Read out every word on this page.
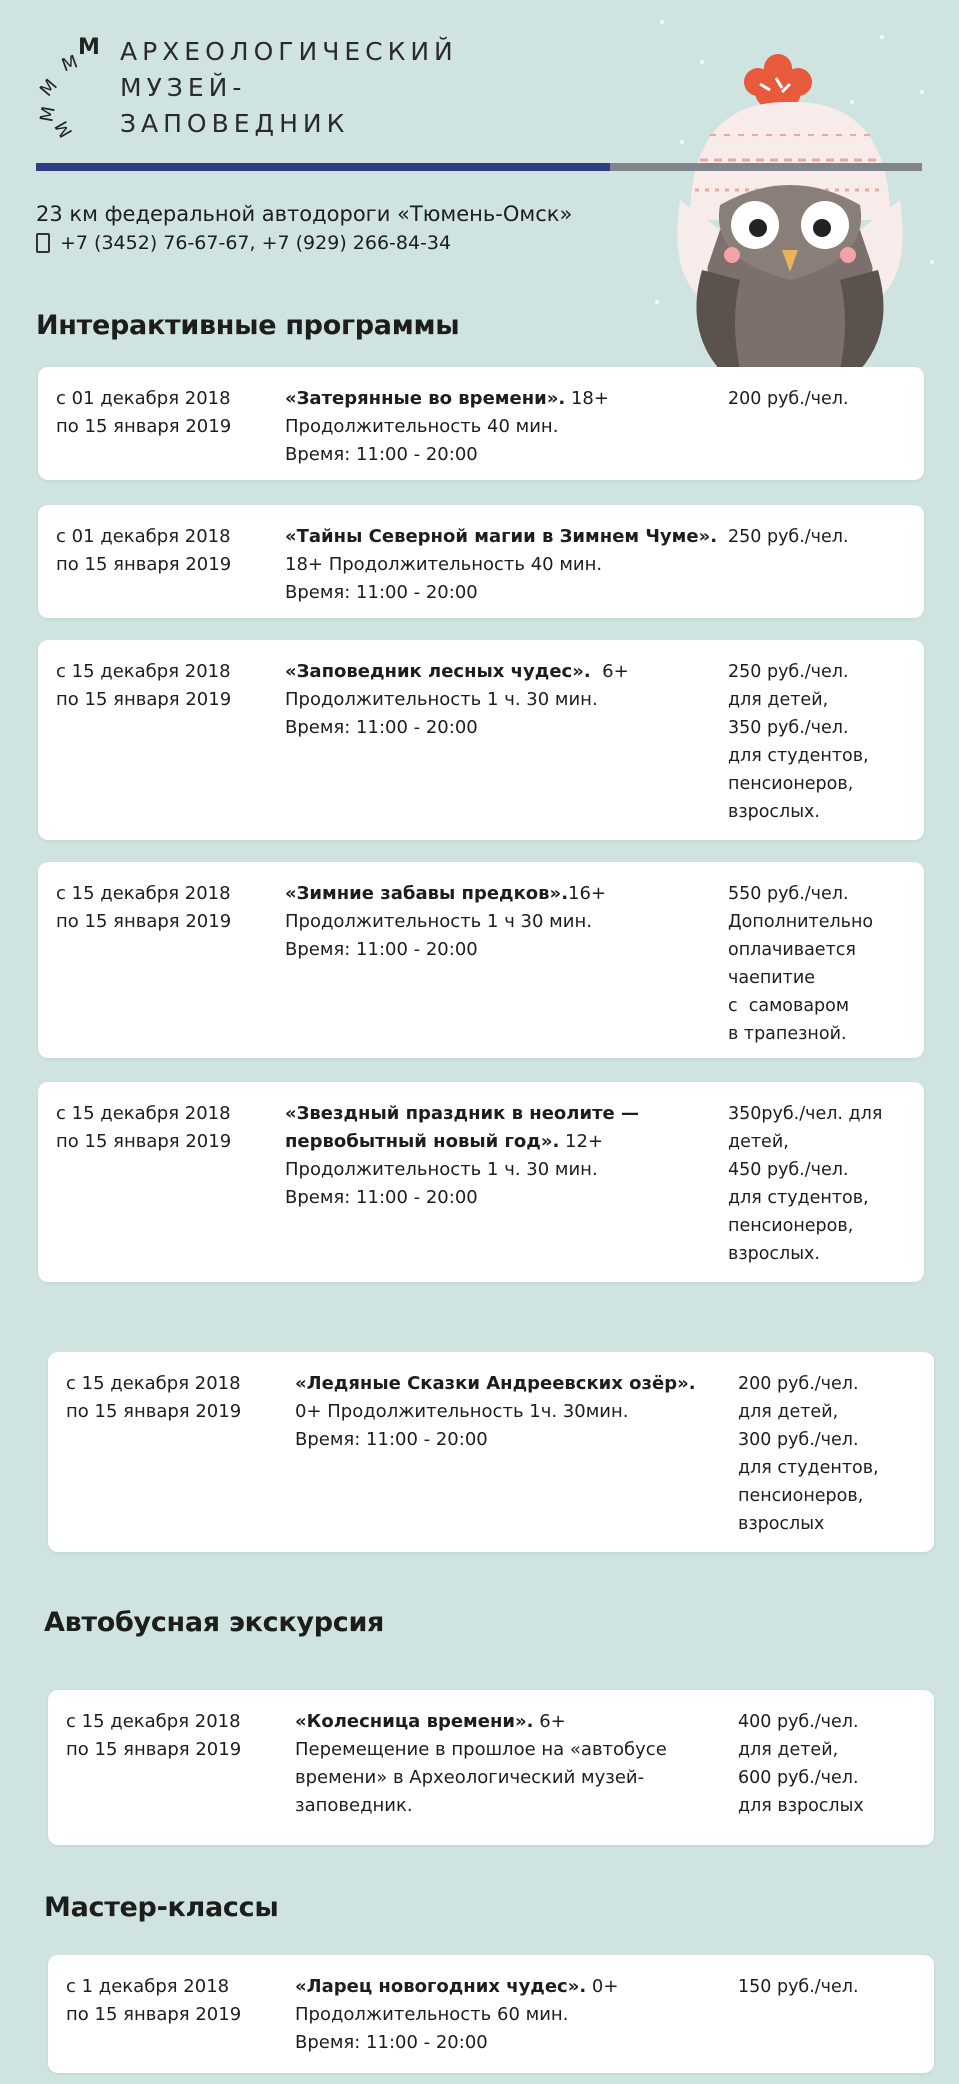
М
М
М
М
М
АРХЕОЛОГИЧЕСКИЙ
МУЗЕЙ-
ЗАПОВЕДНИК
23 км федеральной автодороги «Тюмень-Омск»
+7 (3452) 76-67-67, +7 (929) 266-84-34
Интерактивные программы
с 01 декабря 2018
по 15 января 2019
«Затерянные во времени». 18+
Продолжительность 40 мин.
Время: 11:00 - 20:00
200 руб./чел.
с 01 декабря 2018
по 15 января 2019
«Тайны Северной магии в Зимнем Чуме». 18+ Продолжительность 40 мин.
Время: 11:00 - 20:00
250 руб./чел.
с 15 декабря 2018
по 15 января 2019
«Заповедник лесных чудес».  6+
Продолжительность 1 ч. 30 мин.
Время: 11:00 - 20:00
250 руб./чел.
для детей,
350 руб./чел.
для студентов,
пенсионеров,
взрослых.
с 15 декабря 2018
по 15 января 2019
«Зимние забавы предков».16+
Продолжительность 1 ч 30 мин.
Время: 11:00 - 20:00
550 руб./чел.
Дополнительно
оплачивается
чаепитие
с  самоваром
в трапезной.
с 15 декабря 2018
по 15 января 2019
«Звездный праздник в неолите — первобытный новый год». 12+
Продолжительность 1 ч. 30 мин.
Время: 11:00 - 20:00
350руб./чел. для
детей,
450 руб./чел.
для студентов,
пенсионеров,
взрослых.
с 15 декабря 2018
по 15 января 2019
«Ледяные Сказки Андреевских озёр».
0+ Продолжительность 1ч. 30мин.
Время: 11:00 - 20:00
200 руб./чел.
для детей,
300 руб./чел.
для студентов,
пенсионеров,
взрослых
с 15 декабря 2018
по 15 января 2019
«Колесница времени». 6+
Перемещение в прошлое на «автобусе
времени» в Археологический музей-
заповедник.
400 руб./чел.
для детей,
600 руб./чел.
для взрослых
с 1 декабря 2018
по 15 января 2019
«Ларец новогодних чудес». 0+
Продолжительность 60 мин.
Время: 11:00 - 20:00
150 руб./чел.
Автобусная экскурсия
Мастер-классы
